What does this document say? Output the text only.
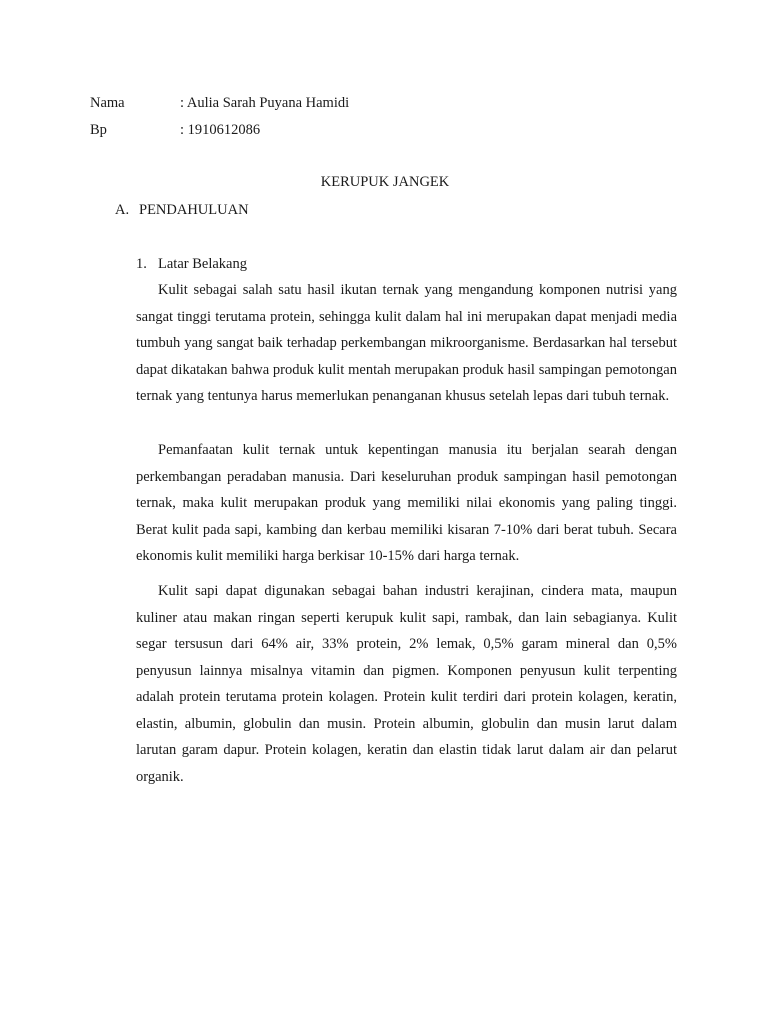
Nama	: Aulia Sarah Puyana Hamidi
Bp	: 1910612086
KERUPUK JANGEK
A. PENDAHULUAN
1. Latar Belakang

Kulit sebagai salah satu hasil ikutan ternak yang mengandung komponen nutrisi yang sangat tinggi terutama protein, sehingga kulit dalam hal ini merupakan dapat menjadi media tumbuh yang sangat baik terhadap perkembangan mikroorganisme. Berdasarkan hal tersebut dapat dikatakan bahwa produk kulit mentah merupakan produk hasil sampingan pemotongan ternak yang tentunya harus memerlukan penanganan khusus setelah lepas dari tubuh ternak.

Pemanfaatan kulit ternak untuk kepentingan manusia itu berjalan searah dengan perkembangan peradaban manusia. Dari keseluruhan produk sampingan hasil pemotongan ternak, maka kulit merupakan produk yang memiliki nilai ekonomis yang paling tinggi. Berat kulit pada sapi, kambing dan kerbau memiliki kisaran 7-10% dari berat tubuh. Secara ekonomis kulit memiliki harga berkisar 10-15% dari harga ternak.

Kulit sapi dapat digunakan sebagai bahan industri kerajinan, cindera mata, maupun kuliner atau makan ringan seperti kerupuk kulit sapi, rambak, dan lain sebagianya. Kulit segar tersusun dari 64% air, 33% protein, 2% lemak, 0,5% garam mineral dan 0,5% penyusun lainnya misalnya vitamin dan pigmen. Komponen penyusun kulit terpenting adalah protein terutama protein kolagen. Protein kulit terdiri dari protein kolagen, keratin, elastin, albumin, globulin dan musin. Protein albumin, globulin dan musin larut dalam larutan garam dapur. Protein kolagen, keratin dan elastin tidak larut dalam air dan pelarut organik.
